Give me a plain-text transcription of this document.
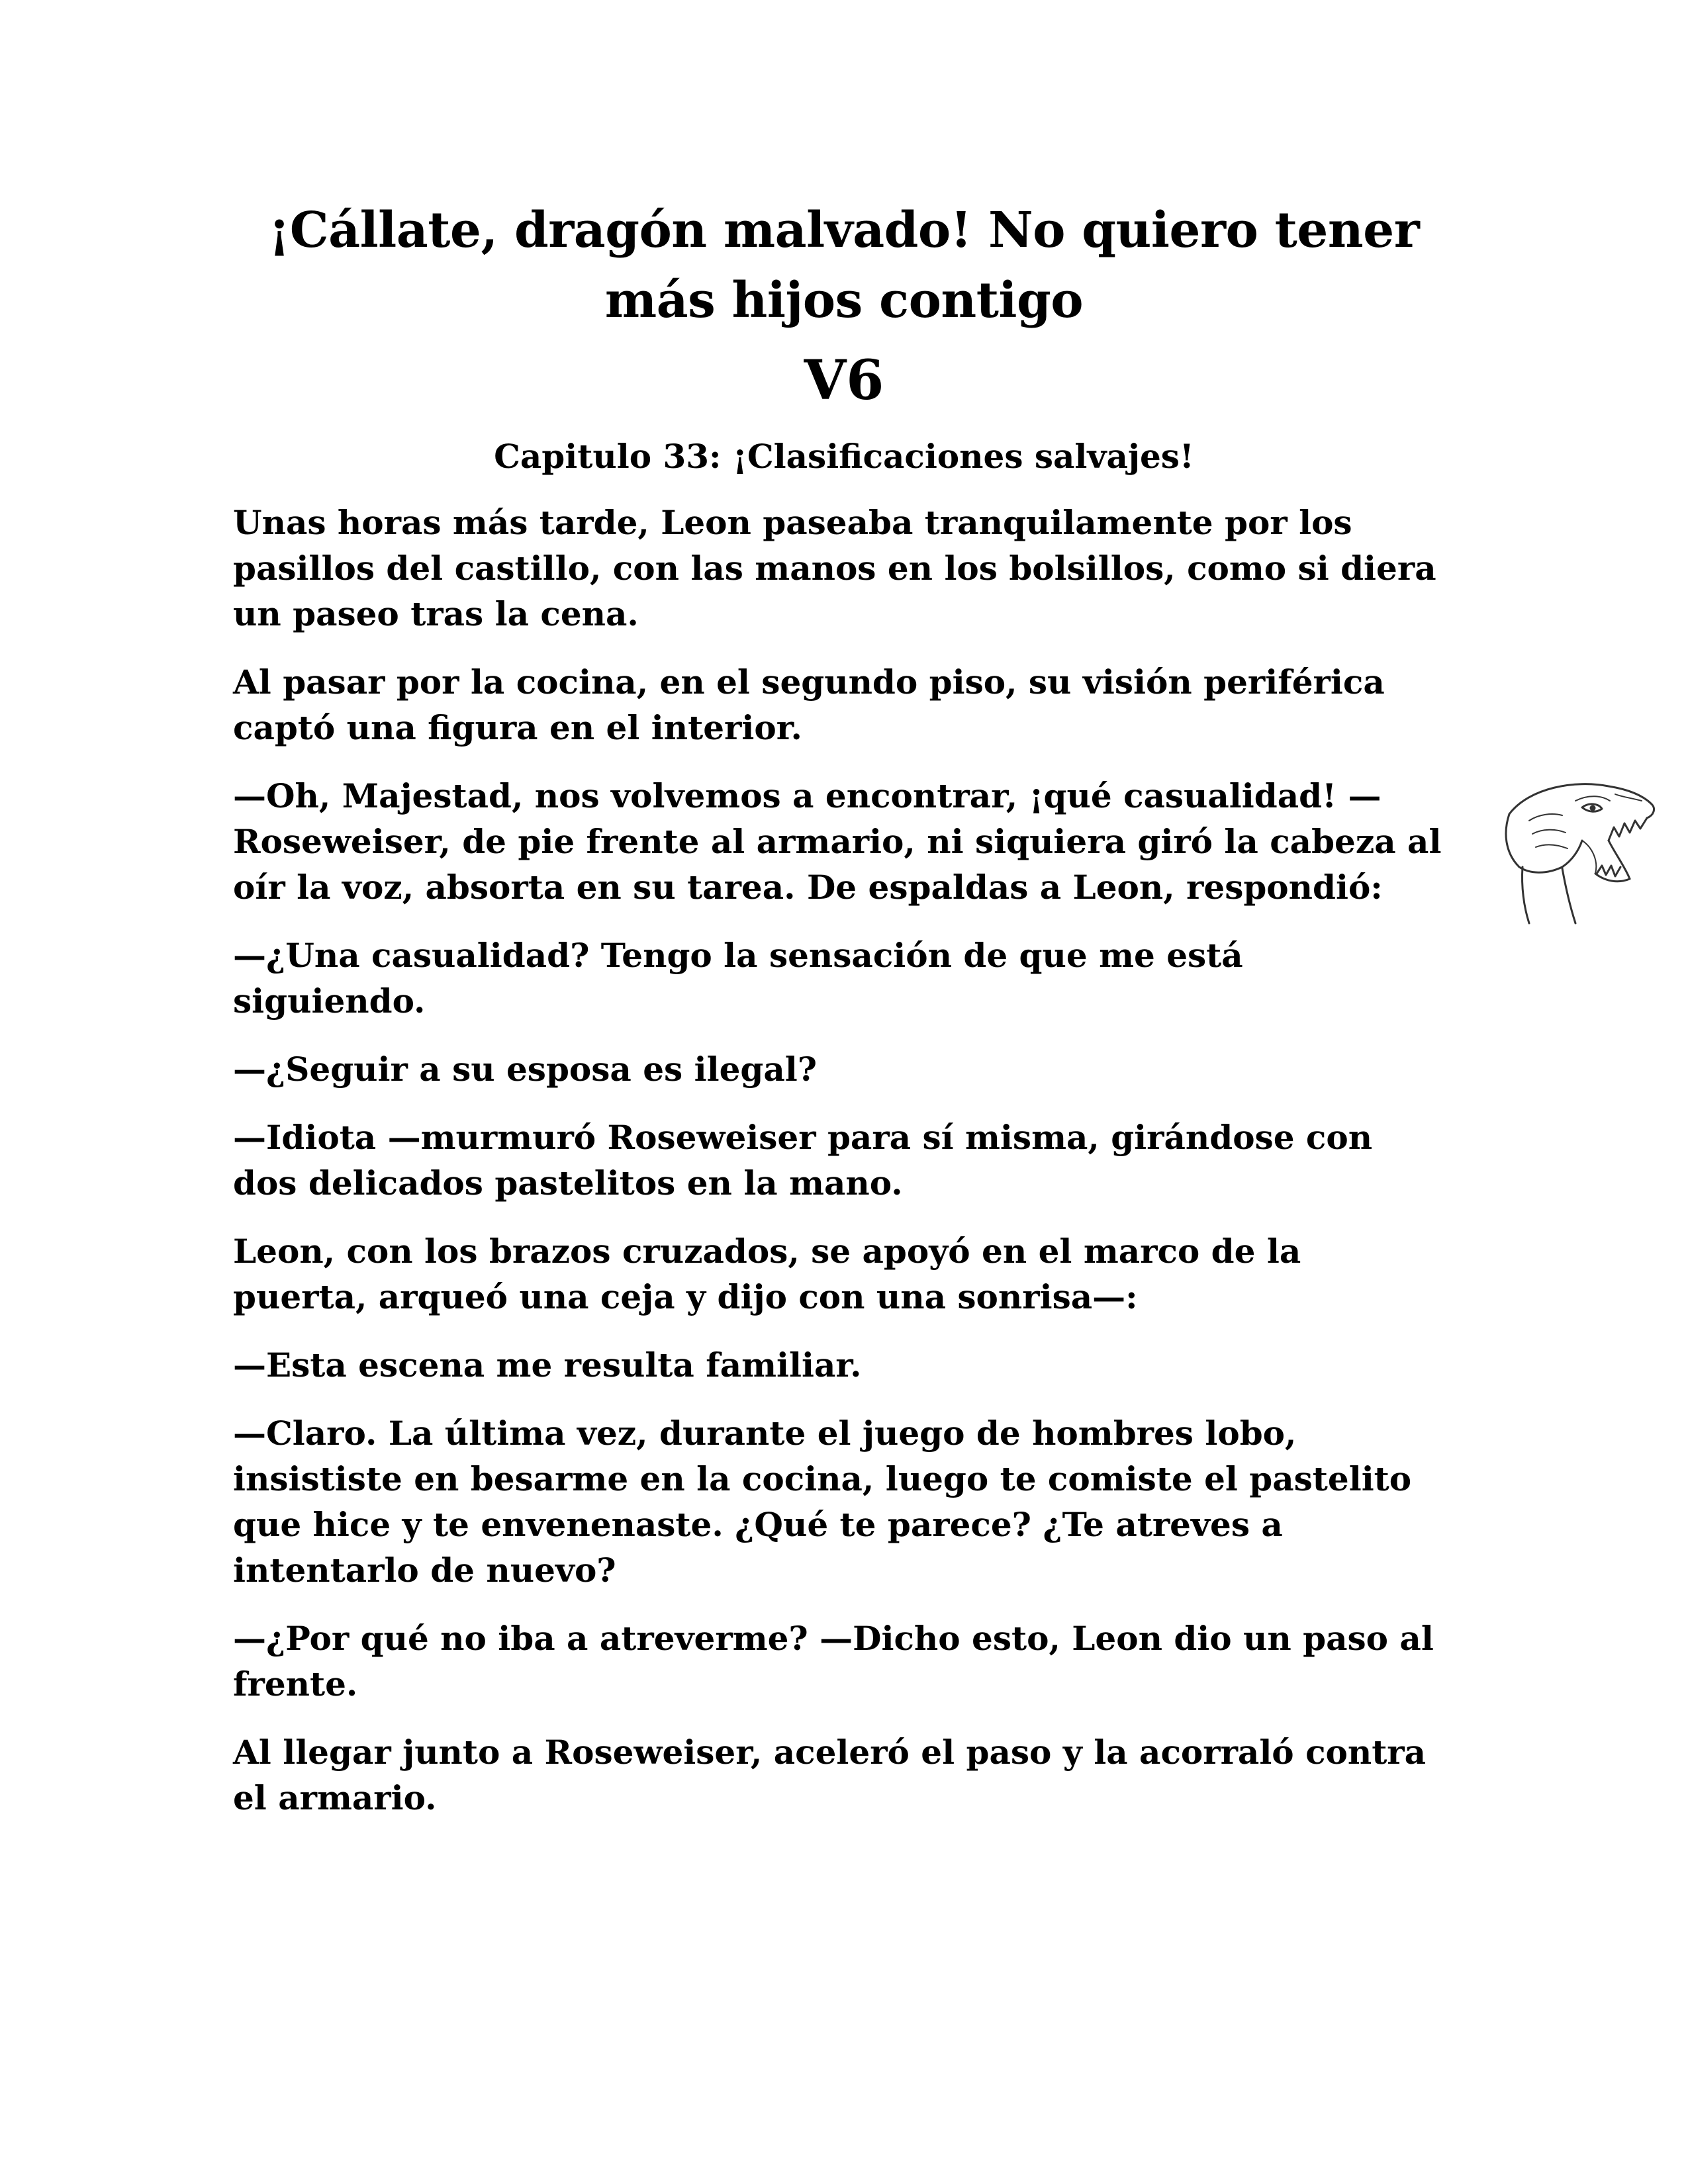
¡Cállate, dragón malvado! No quiero tener
más hijos contigo
V6
Capitulo 33: ¡Clasificaciones salvajes!

Unas horas más tarde, Leon paseaba tranquilamente por los pasillos del castillo, con las manos en los bolsillos, como si diera un paseo tras la cena.

Al pasar por la cocina, en el segundo piso, su visión periférica captó una figura en el interior.

—Oh, Majestad, nos volvemos a encontrar, ¡qué casualidad! —Roseweiser, de pie frente al armario, ni siquiera giró la cabeza al oír la voz, absorta en su tarea. De espaldas a Leon, respondió:

—¿Una casualidad? Tengo la sensación de que me está siguiendo.

—¿Seguir a su esposa es ilegal?

—Idiota —murmuró Roseweiser para sí misma, girándose con dos delicados pastelitos en la mano.

Leon, con los brazos cruzados, se apoyó en el marco de la puerta, arqueó una ceja y dijo con una sonrisa—:

—Esta escena me resulta familiar.

—Claro. La última vez, durante el juego de hombres lobo, insististe en besarme en la cocina, luego te comiste el pastelito que hice y te envenenaste. ¿Qué te parece? ¿Te atreves a intentarlo de nuevo?

—¿Por qué no iba a atreverme? —Dicho esto, Leon dio un paso al frente.

Al llegar junto a Roseweiser, aceleró el paso y la acorraló contra el armario.
